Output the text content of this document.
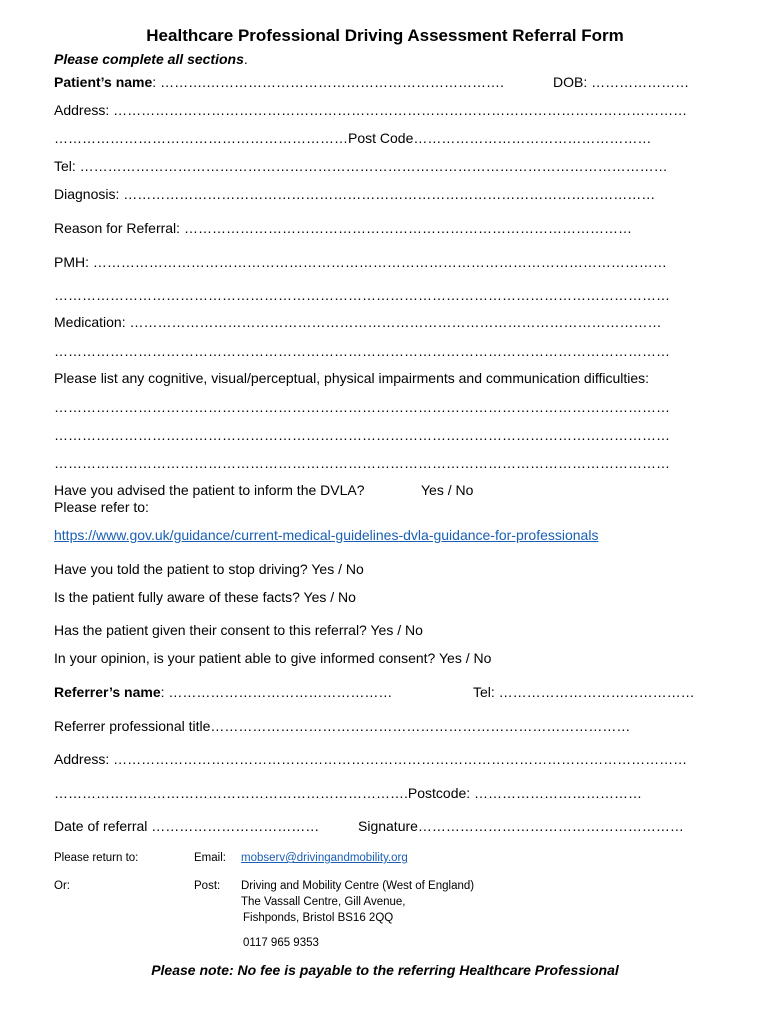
Healthcare Professional Driving Assessment Referral Form
Please complete all sections.
Patient’s name: ……….……………………………………………………….	DOB: …………………
Address: ……………………………………………………………………………………………………………
………………………………………………………Post Code……………………………………………
Tel: ………………………………………………………………………………………………………………
Diagnosis: ……………………………………………………………………………………………………
Reason for Referral: ……………………………………………………………………………………
PMH: ……………………………………………………………………………………………………………
……………………………………………………………………………………………………………………
Medication: ……………………………………………………………………………………………………
……………………………………………………………………………………………………………………
Please list any cognitive, visual/perceptual, physical impairments and communication difficulties:
……………………………………………………………………………………………………………………
……………………………………………………………………………………………………………………
……………………………………………………………………………………………………………………
Have you advised the patient to inform the DVLA?	Yes / No
Please refer to:
https://www.gov.uk/guidance/current-medical-guidelines-dvla-guidance-for-professionals
Have you told the patient to stop driving? Yes / No
Is the patient fully aware of these facts? Yes / No
Has the patient given their consent to this referral? Yes / No
In your opinion, is your patient able to give informed consent? Yes / No
Referrer’s name: …………………………………………	Tel: ……………………………………
Referrer professional title………………………………………………………………………………
Address: ……………………………………………………………………………………………………………
………………………………………………………………….Postcode: ………………………………
Date of referral ………………………………	Signature…………………………………………………
Please return to:	Email: mobserv@drivingandmobility.org
Or:	Post: Driving and Mobility Centre (West of England)
The Vassall Centre, Gill Avenue,
Fishponds, Bristol BS16 2QQ
0117 965 9353
Please note: No fee is payable to the referring Healthcare Professional
